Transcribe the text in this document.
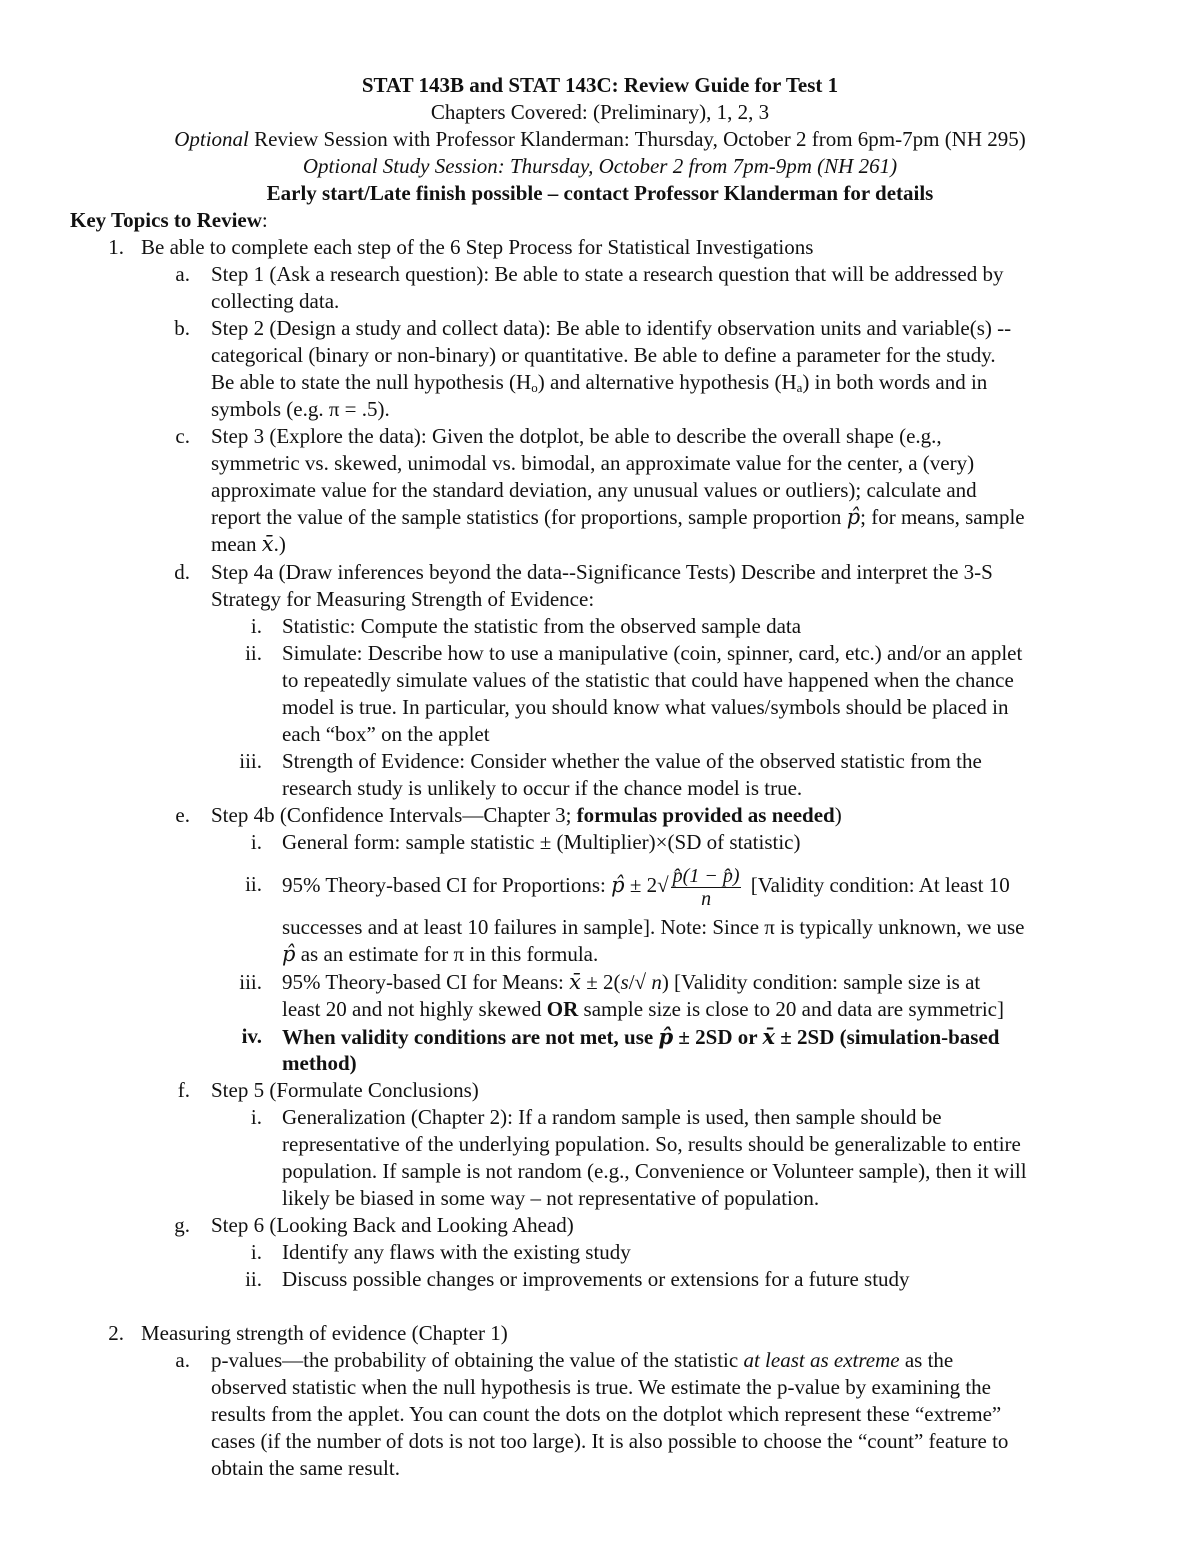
STAT 143B and STAT 143C: Review Guide for Test 1
Chapters Covered: (Preliminary), 1, 2, 3
Optional Review Session with Professor Klanderman: Thursday, October 2 from 6pm-7pm (NH 295)
Optional Study Session: Thursday, October 2 from 7pm-9pm (NH 261)
Early start/Late finish possible – contact Professor Klanderman for details
Key Topics to Review:
1. Be able to complete each step of the 6 Step Process for Statistical Investigations
a. Step 1 (Ask a research question): Be able to state a research question that will be addressed by
collecting data.
b. Step 2 (Design a study and collect data): Be able to identify observation units and variable(s) --
categorical (binary or non-binary) or quantitative. Be able to define a parameter for the study.
Be able to state the null hypothesis $(H_o)$ and alternative hypothesis $(H_a)$ in both words and in
symbols (e.g. π = .5).
c. Step 3 (Explore the data): Given the dotplot, be able to describe the overall shape (e.g.,
symmetric vs. skewed, unimodal vs. bimodal, an approximate value for the center, a (very)
approximate value for the standard deviation, any unusual values or outliers); calculate and
report the value of the sample statistics (for proportions, sample proportion p̂; for means, sample
mean x̄.)
d. Step 4a (Draw inferences beyond the data--Significance Tests) Describe and interpret the 3-S
Strategy for Measuring Strength of Evidence:
i. Statistic: Compute the statistic from the observed sample data
ii. Simulate: Describe how to use a manipulative (coin, spinner, card, etc.) and/or an applet
to repeatedly simulate values of the statistic that could have happened when the chance
model is true. In particular, you should know what values/symbols should be placed in
each “box” on the applet
iii. Strength of Evidence: Consider whether the value of the observed statistic from the
research study is unlikely to occur if the chance model is true.
e. Step 4b (Confidence Intervals—Chapter 3; formulas provided as needed)
i. General form: sample statistic ± (Multiplier)×(SD of statistic)
ii. 95% Theory-based CI for Proportions: p̂ ± $2√ \frac{p̂(1 - p̂)}{n}$ [Validity condition: At least 10
successes and at least 10 failures in sample]. Note: Since π is typically unknown, we use
p̂ as an estimate for π in this formula.
iii. 95% Theory-based CI for Means: x̄ ± 2(s/√ n) [Validity condition: sample size is at
least 20 and not highly skewed OR sample size is close to 20 and data are symmetric]
iv. When validity conditions are not met, use p̂ ± 2SD or x̄ ± 2SD (simulation-based
method)
f. Step 5 (Formulate Conclusions)
i. Generalization (Chapter 2): If a random sample is used, then sample should be
representative of the underlying population. So, results should be generalizable to entire
population. If sample is not random (e.g., Convenience or Volunteer sample), then it will
likely be biased in some way – not representative of population.
g. Step 6 (Looking Back and Looking Ahead)
i. Identify any flaws with the existing study
ii. Discuss possible changes or improvements or extensions for a future study
2. Measuring strength of evidence (Chapter 1)
a. p-values—the probability of obtaining the value of the statistic at least as extreme as the
observed statistic when the null hypothesis is true. We estimate the p-value by examining the
results from the applet. You can count the dots on the dotplot which represent these “extreme”
cases (if the number of dots is not too large). It is also possible to choose the “count” feature to
obtain the same result.
